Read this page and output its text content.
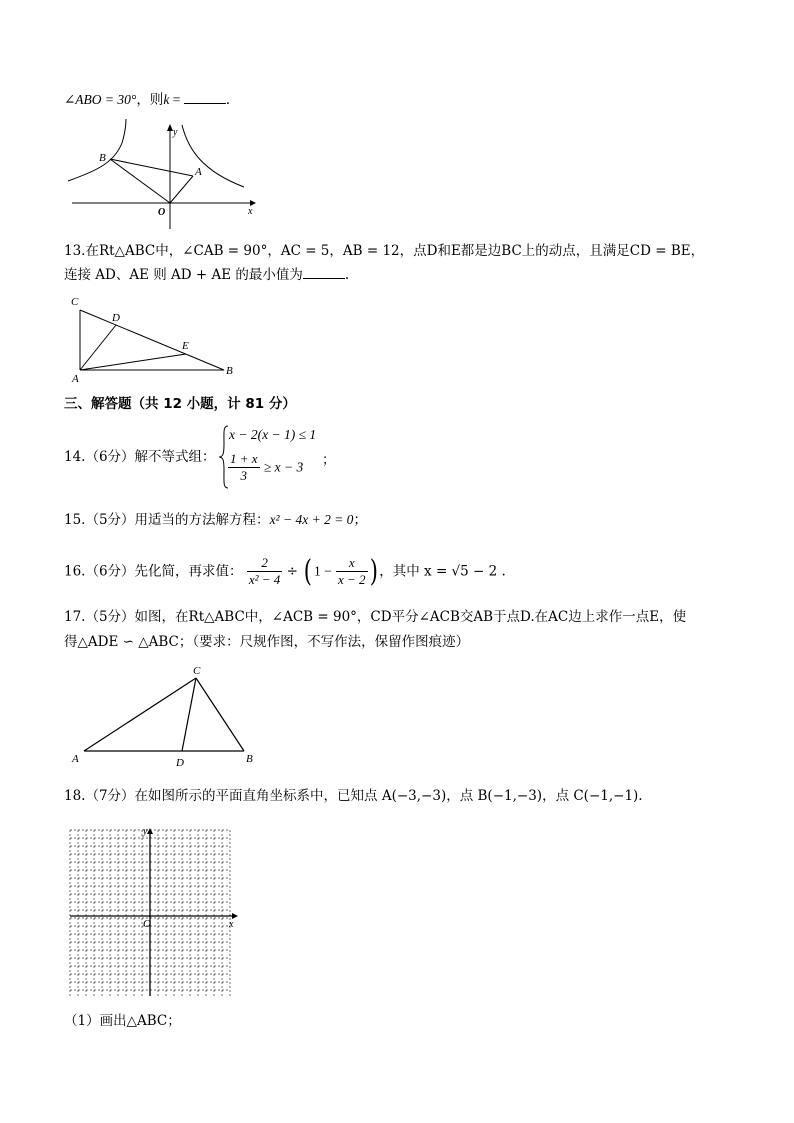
∠ABO = 30°，则k =	.
B
A
O	x
y
13.在Rt△ABC中，∠CAB = 90°，AC = 5，AB = 12，点D和E都是边BC上的动点，且满足CD = BE，
连接 AD、AE 则 AD + AE 的最小值为	.
C
D
E
A
B
三、解答题（共 12 小题，计 81 分）
14.（6分）解不等式组：
x − 2(x − 1) ≤ 1
$\frac{1 + x}{3} \ge x - 3$ ；
15.（5分）用适当的方法解方程：x² − 4x + 2 = 0；
16.（6分）先化简，再求值： $\frac{2}{\text{x² − 4}}$ ÷ ( $1 - \frac{x}{x - 2}$ ) ，其中 x = √5 − 2 .
17.（5分）如图，在Rt△ABC中，∠ACB = 90°，CD平分∠ACB交AB于点D.在AC边上求作一点E，使
得△ADE ∽ △ABC；（要求：尺规作图，不写作法，保留作图痕迹）
C
A	D	B
18.（7分）在如图所示的平面直角坐标系中，已知点 A(−3,−3)，点 B(−1,−3)，点 C(−1,−1).
y
x
O
（1）画出△ABC；
